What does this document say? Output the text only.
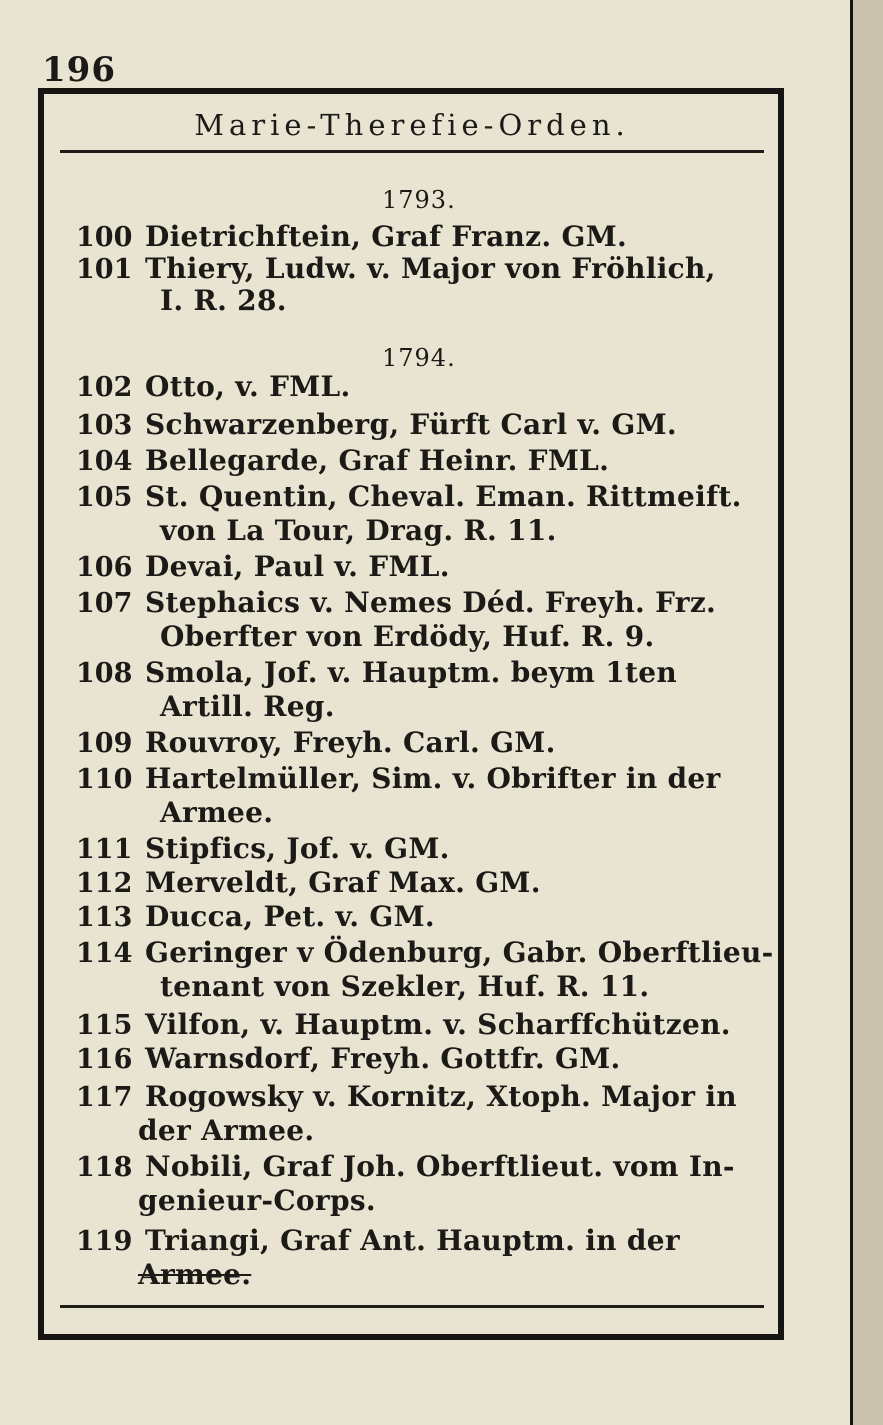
196
Marie-Therefie-Orden.
1793.
100 Dietrichftein, Graf Franz. GM.
101 Thiery, Ludw. v. Major von Fröhlich,
I. R. 28.
1794.
102 Otto, v. FML.
103 Schwarzenberg, Fürft Carl v. GM.
104 Bellegarde, Graf Heinr. FML.
105 St. Quentin, Cheval. Eman. Rittmeift.
von La Tour, Drag. R. 11.
106 Devai, Paul v. FML.
107 Stephaics v. Nemes Déd. Freyh. Frz.
Oberfter von Erdödy, Huf. R. 9.
108 Smola, Jof. v. Hauptm. beym 1ten
Artill. Reg.
109 Rouvroy, Freyh. Carl. GM.
110 Hartelmüller, Sim. v. Obrifter in der
Armee.
111 Stipfics, Jof. v. GM.
112 Merveldt, Graf Max. GM.
113 Ducca, Pet. v. GM.
114 Geringer v Ödenburg, Gabr. Oberftlieu-
tenant von Szekler, Huf. R. 11.
115 Vilfon, v. Hauptm. v. Scharffchützen.
116 Warnsdorf, Freyh. Gottfr. GM.
117 Rogowsky v. Kornitz, Xtoph. Major in
der Armee.
118 Nobili, Graf Joh. Oberftlieut. vom In-
genieur-Corps.
119 Triangi, Graf Ant. Hauptm. in der
Armee.
